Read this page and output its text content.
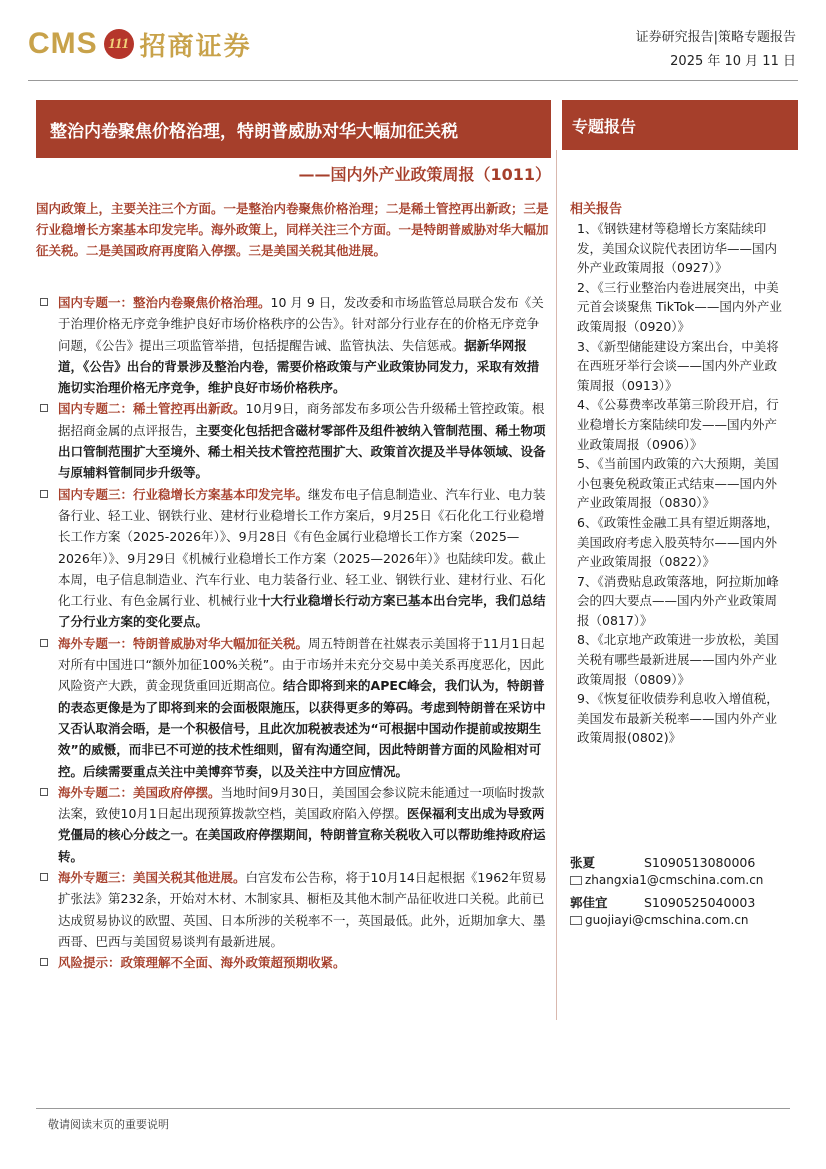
CMS 111 招商证券	证券研究报告|策略专题报告
2025 年 10 月 11 日
整治内卷聚焦价格治理，特朗普威胁对华大幅加征关税	专题报告
——国内外产业政策周报（1011）
国内政策上，主要关注三个方面。一是整治内卷聚焦价格治理；二是稀土管控再出新政；三是行业稳增长方案基本印发完毕。海外政策上，同样关注三个方面。一是特朗普威胁对华大幅加征关税。二是美国政府再度陷入停摆。三是美国关税其他进展。

国内专题一：整治内卷聚焦价格治理。10 月 9 日，发改委和市场监管总局联合发布《关于治理价格无序竞争维护良好市场价格秩序的公告》。针对部分行业存在的价格无序竞争问题，《公告》提出三项监管举措，包括提醒告诫、监管执法、失信惩戒。据新华网报道，《公告》出台的背景涉及整治内卷，需要价格政策与产业政策协同发力，采取有效措施切实治理价格无序竞争，维护良好市场价格秩序。

国内专题二：稀土管控再出新政。10月9日，商务部发布多项公告升级稀土管控政策。根据招商金属的点评报告，主要变化包括把含磁材零部件及组件被纳入管制范围、稀土物项出口管制范围扩大至境外、稀土相关技术管控范围扩大、政策首次提及半导体领域、设备与原辅料管制同步升级等。

国内专题三：行业稳增长方案基本印发完毕。继发布电子信息制造业、汽车行业、电力装备行业、轻工业、钢铁行业、建材行业稳增长工作方案后，9月25日《石化化工行业稳增长工作方案（2025-2026年）》、9月28日《有色金属行业稳增长工作方案（2025—2026年）》、9月29日《机械行业稳增长工作方案（2025—2026年）》也陆续印发。截止本周，电子信息制造业、汽车行业、电力装备行业、轻工业、钢铁行业、建材行业、石化化工行业、有色金属行业、机械行业十大行业稳增长行动方案已基本出台完毕，我们总结了分行业方案的变化要点。

海外专题一：特朗普威胁对华大幅加征关税。周五特朗普在社媒表示美国将于11月1日起对所有中国进口“额外加征100%关税”。由于市场并未充分交易中美关系再度恶化，因此风险资产大跌，黄金现货重回近期高位。结合即将到来的APEC峰会，我们认为，特朗普的表态更像是为了即将到来的会面极限施压，以获得更多的筹码。考虑到特朗普在采访中又否认取消会晤，是一个积极信号，且此次加税被表述为“可根据中国动作提前或按期生效”的威慑，而非已不可逆的技术性细则，留有沟通空间，因此特朗普方面的风险相对可控。后续需要重点关注中美博弈节奏，以及关注中方回应情况。

海外专题二：美国政府停摆。当地时间9月30日，美国国会参议院未能通过一项临时拨款法案，致使10月1日起出现预算拨款空档，美国政府陷入停摆。医保福利支出成为导致两党僵局的核心分歧之一。在美国政府停摆期间，特朗普宣称关税收入可以帮助维持政府运转。

海外专题三：美国关税其他进展。白宫发布公告称，将于10月14日起根据《1962年贸易扩张法》第232条，开始对木材、木制家具、橱柜及其他木制产品征收进口关税。此前已达成贸易协议的欧盟、英国、日本所涉的关税率不一，英国最低。此外，近期加拿大、墨西哥、巴西与美国贸易谈判有最新进展。

风险提示：政策理解不全面、海外政策超预期收紧。

相关报告
1、《钢铁建材等稳增长方案陆续印发，美国众议院代表团访华——国内外产业政策周报（0927）》
2、《三行业整治内卷进展突出，中美元首会谈聚焦 TikTok——国内外产业政策周报（0920）》
3、《新型储能建设方案出台，中美将在西班牙举行会谈——国内外产业政策周报（0913）》
4、《公募费率改革第三阶段开启，行业稳增长方案陆续印发——国内外产业政策周报（0906）》
5、《当前国内政策的六大预期，美国小包裹免税政策正式结束——国内外产业政策周报（0830）》
6、《政策性金融工具有望近期落地，美国政府考虑入股英特尔——国内外产业政策周报（0822）》
7、《消费贴息政策落地，阿拉斯加峰会的四大要点——国内外产业政策周报（0817）》
8、《北京地产政策进一步放松，美国关税有哪些最新进展——国内外产业政策周报（0809）》
9、《恢复征收债券利息收入增值税，美国发布最新关税率——国内外产业政策周报(0802)》
张夏	S1090513080006
zhangxia1@cmschina.com.cn
郭佳宜	S1090525040003
guojiayi@cmschina.com.cn
敬请阅读末页的重要说明
